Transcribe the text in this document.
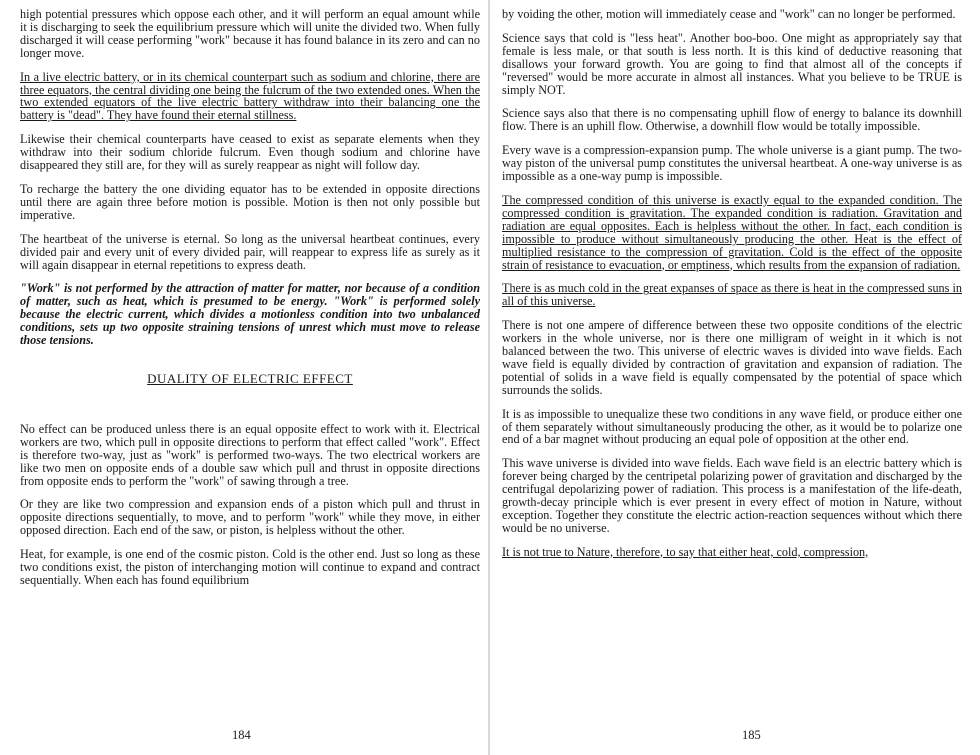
high potential pressures which oppose each other, and it will perform an equal amount while it is discharging to seek the equilibrium pressure which will unite the divided two. When fully discharged it will cease performing "work" because it has found balance in its zero and can no longer move.

In a live electric battery, or in its chemical counterpart such as sodium and chlorine, there are three equators, the central dividing one being the fulcrum of the two extended ones. When the two extended equators of the live electric battery withdraw into their balancing one the battery is "dead". They have found their eternal stillness.

Likewise their chemical counterparts have ceased to exist as separate elements when they withdraw into their sodium chloride fulcrum. Even though sodium and chlorine have disappeared they still are, for they will as surely reappear as night will follow day.

To recharge the battery the one dividing equator has to be extended in opposite directions until there are again three before motion is possible. Motion is then not only possible but imperative.

The heartbeat of the universe is eternal. So long as the universal heartbeat continues, every divided pair and every unit of every divided pair, will reappear to express life as surely as it will again disappear in eternal repetitions to express death.

"Work" is not performed by the attraction of matter for matter, nor because of a condition of matter, such as heat, which is presumed to be energy. "Work" is performed solely because the electric current, which divides a motionless condition into two unbalanced conditions, sets up two opposite straining tensions of unrest which must move to release those tensions.

DUALITY OF ELECTRIC EFFECT

No effect can be produced unless there is an equal opposite effect to work with it. Electrical workers are two, which pull in opposite directions to perform that effect called "work". Effect is therefore two-way, just as "work" is performed two-ways. The two electrical workers are like two men on opposite ends of a double saw which pull and thrust in opposite directions from opposite ends to perform the "work" of sawing through a tree.

Or they are like two compression and expansion ends of a piston which pull and thrust in opposite directions sequentially, to move, and to perform "work" while they move, in either opposed direction. Each end of the saw, or piston, is helpless without the other.

Heat, for example, is one end of the cosmic piston. Cold is the other end. Just so long as these two conditions exist, the piston of interchanging motion will continue to expand and contract sequentially. When each has found equilibrium

184

by voiding the other, motion will immediately cease and "work" can no longer be performed.

Science says that cold is "less heat". Another boo-boo. One might as appropriately say that female is less male, or that south is less north. It is this kind of deductive reasoning that disallows your forward growth. You are going to find that almost all of the concepts if "reversed" would be more accurate in almost all instances. What you believe to be TRUE is simply NOT.

Science says also that there is no compensating uphill flow of energy to balance its downhill flow. There is an uphill flow. Otherwise, a downhill flow would be totally impossible.

Every wave is a compression-expansion pump. The whole universe is a giant pump. The two-way piston of the universal pump constitutes the universal heartbeat. A one-way universe is as impossible as a one-way pump is impossible.

The compressed condition of this universe is exactly equal to the expanded condition. The compressed condition is gravitation. The expanded condition is radiation. Gravitation and radiation are equal opposites. Each is helpless without the other. In fact, each condition is impossible to produce without simultaneously producing the other. Heat is the effect of multiplied resistance to the compression of gravitation. Cold is the effect of the opposite strain of resistance to evacuation, or emptiness, which results from the expansion of radiation.

There is as much cold in the great expanses of space as there is heat in the compressed suns in all of this universe.

There is not one ampere of difference between these two opposite conditions of the electric workers in the whole universe, nor is there one milligram of weight in it which is not balanced between the two. This universe of electric waves is divided into wave fields. Each wave field is equally divided by contraction of gravitation and expansion of radiation. The potential of solids in a wave field is equally compensated by the potential of space which surrounds the solids.

It is as impossible to unequalize these two conditions in any wave field, or produce either one of them separately without simultaneously producing the other, as it would be to polarize one end of a bar magnet without producing an equal pole of opposition at the other end.

This wave universe is divided into wave fields. Each wave field is an electric battery which is forever being charged by the centripetal polarizing power of gravitation and discharged by the centrifugal depolarizing power of radiation. This process is a manifestation of the life-death, growth-decay principle which is ever present in every effect of motion in Nature, without exception. Together they constitute the electric action-reaction sequences without which there would be no universe.

It is not true to Nature, therefore, to say that either heat, cold, compression,

185
